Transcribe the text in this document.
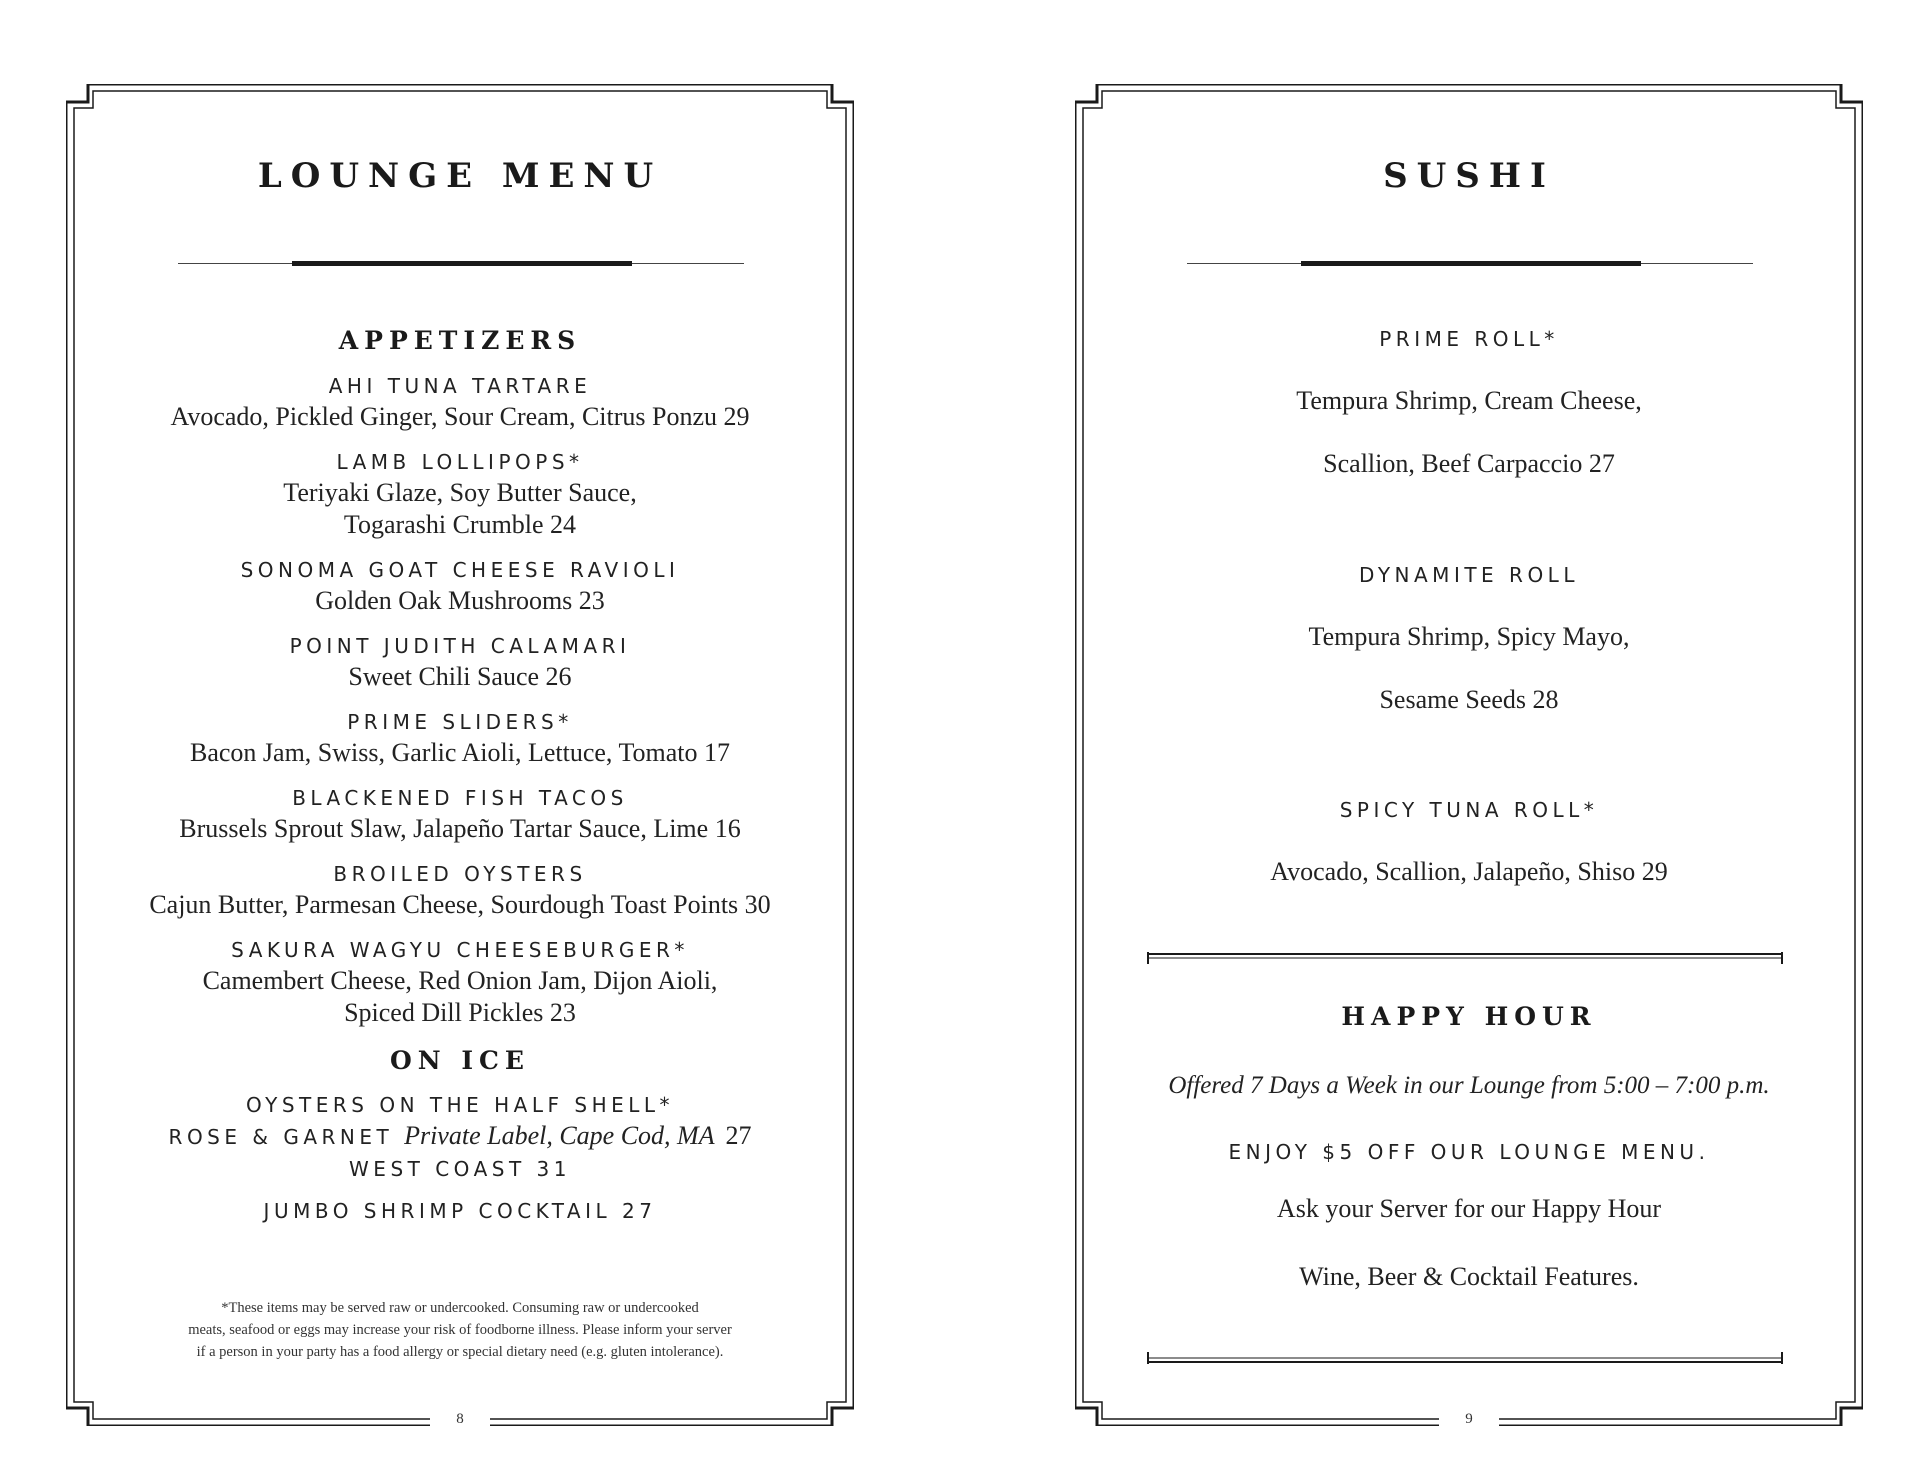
LOUNGE MENU
APPETIZERS
AHI TUNA TARTARE
Avocado, Pickled Ginger, Sour Cream, Citrus Ponzu 29
LAMB LOLLIPOPS*
Teriyaki Glaze, Soy Butter Sauce,
Togarashi Crumble 24
SONOMA GOAT CHEESE RAVIOLI
Golden Oak Mushrooms 23
POINT JUDITH CALAMARI
Sweet Chili Sauce 26
PRIME SLIDERS*
Bacon Jam, Swiss, Garlic Aioli, Lettuce, Tomato 17
BLACKENED FISH TACOS
Brussels Sprout Slaw, Jalapeño Tartar Sauce, Lime 16
BROILED OYSTERS
Cajun Butter, Parmesan Cheese, Sourdough Toast Points 30
SAKURA WAGYU CHEESEBURGER*
Camembert Cheese, Red Onion Jam, Dijon Aioli,
Spiced Dill Pickles 23
ON ICE
OYSTERS ON THE HALF SHELL*
ROSE & GARNET Private Label, Cape Cod, MA 27
WEST COAST 31
JUMBO SHRIMP COCKTAIL 27
*These items may be served raw or undercooked. Consuming raw or undercooked
meats, seafood or eggs may increase your risk of foodborne illness. Please inform your server
if a person in your party has a food allergy or special dietary need (e.g. gluten intolerance).
8
SUSHI
PRIME ROLL*
Tempura Shrimp, Cream Cheese,
Scallion, Beef Carpaccio 27
DYNAMITE ROLL
Tempura Shrimp, Spicy Mayo,
Sesame Seeds 28
SPICY TUNA ROLL*
Avocado, Scallion, Jalapeño, Shiso 29
HAPPY HOUR
Offered 7 Days a Week in our Lounge from 5:00 – 7:00 p.m.
ENJOY $5 OFF OUR LOUNGE MENU.
Ask your Server for our Happy Hour
Wine, Beer & Cocktail Features.
9
